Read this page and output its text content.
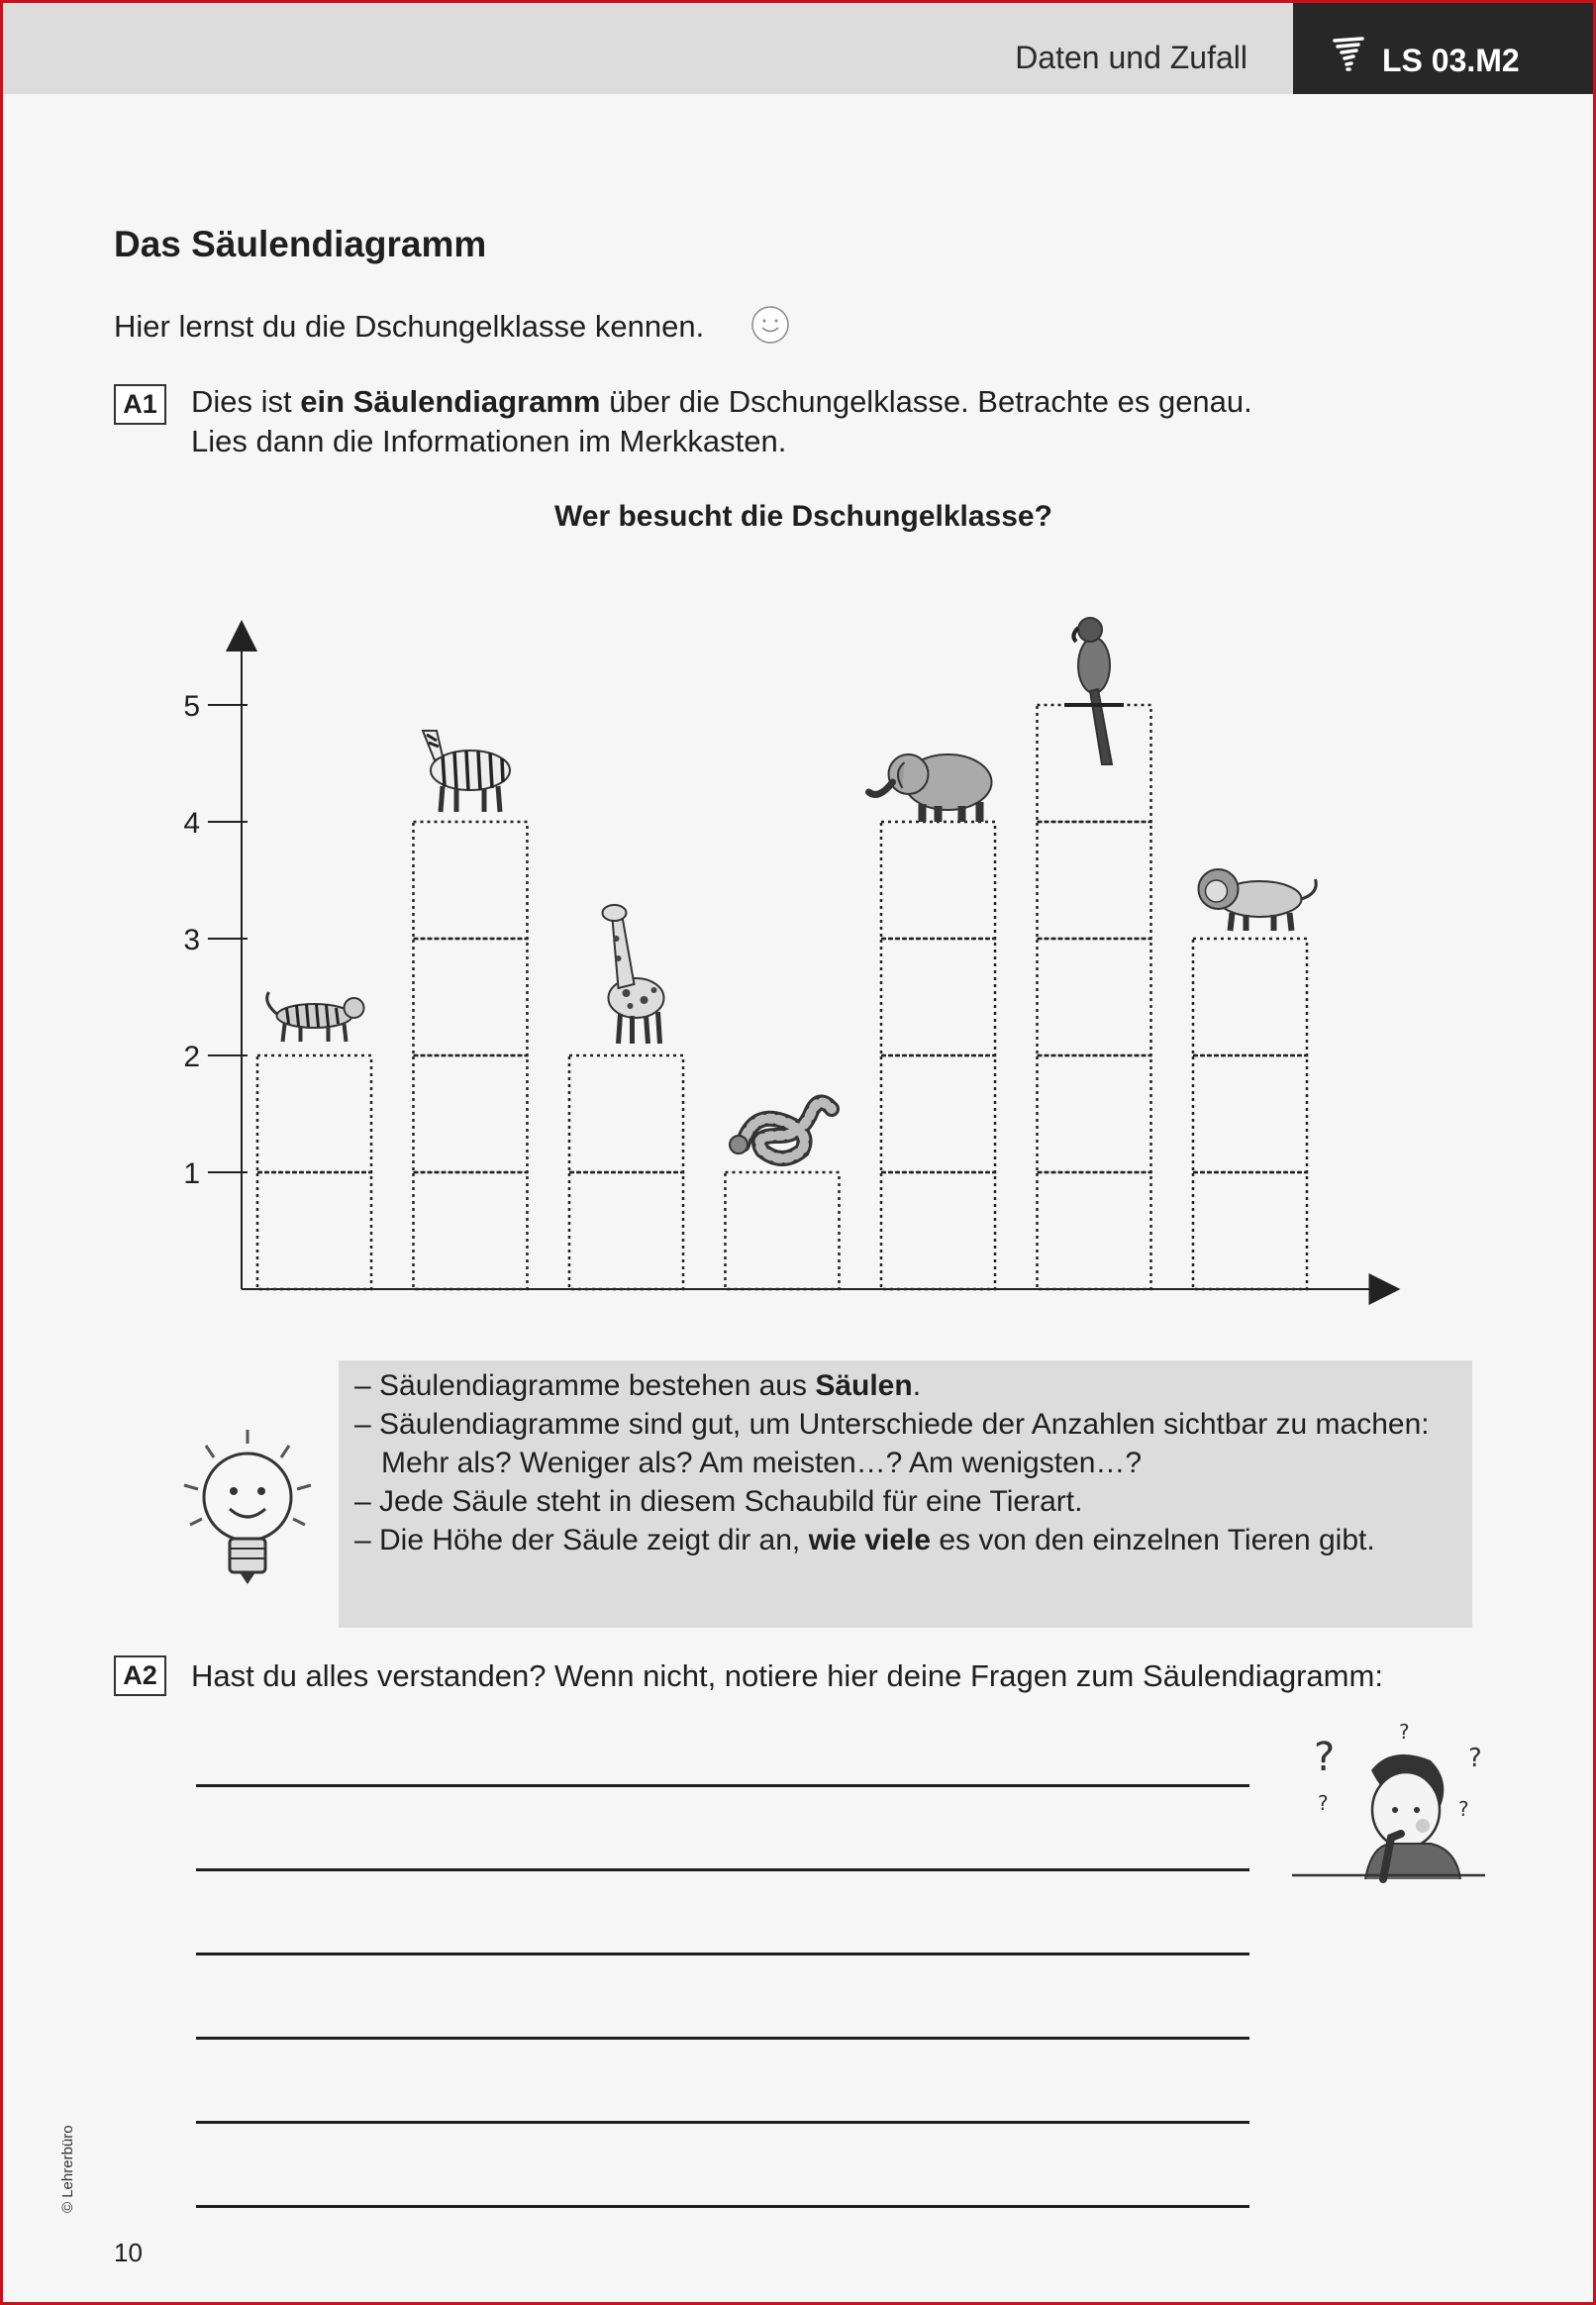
Daten und Zufall	LS 03.M2
Das Säulendiagramm
Hier lernst du die Dschungelklasse kennen.
A1 Dies ist ein Säulendiagramm über die Dschungelklasse. Betrachte es genau.
Lies dann die Informationen im Merkkasten.
Wer besucht die Dschungelklasse?
1
2
3
4
5
– Säulendiagramme bestehen aus Säulen.
– Säulendiagramme sind gut, um Unterschiede der Anzahlen sichtbar zu machen: Mehr als? Weniger als? Am meisten…? Am wenigsten…?
– Jede Säule steht in diesem Schaubild für eine Tierart.
– Die Höhe der Säule zeigt dir an, wie viele es von den einzelnen Tieren gibt.
A2 Hast du alles verstanden? Wenn nicht, notiere hier deine Fragen zum Säulendiagramm:
?
?
?
?	?
© Lehrerbüro
10
